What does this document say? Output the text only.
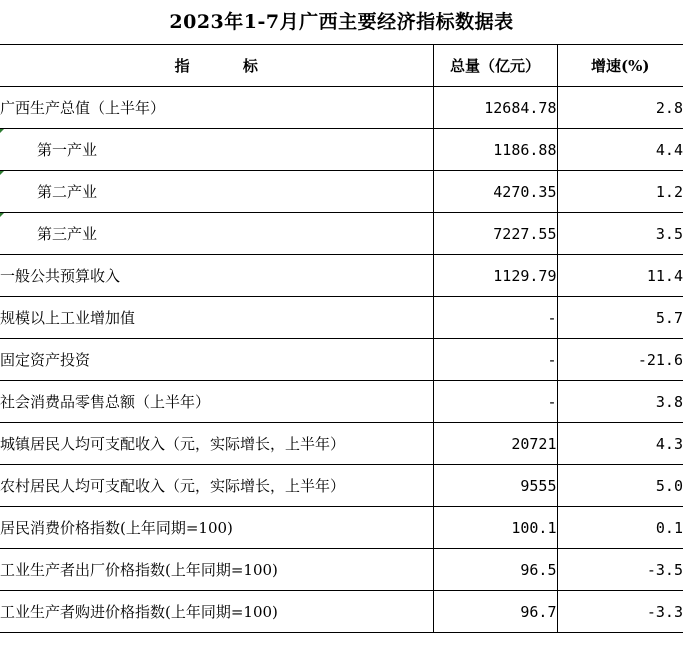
2023年1-7月广西主要经济指标数据表
指 标	总量（亿元）	增速(%)
广西生产总值（上半年）	12684.78	2.8
第一产业	1186.88	4.4
第二产业	4270.35	1.2
第三产业	7227.55	3.5
一般公共预算收入	1129.79	11.4
规模以上工业增加值	-	5.7
固定资产投资	-	-21.6
社会消费品零售总额（上半年）	-	3.8
城镇居民人均可支配收入（元，实际增长，上半年）	20721	4.3
农村居民人均可支配收入（元，实际增长，上半年）	9555	5.0
居民消费价格指数(上年同期=100)	100.1	0.1
工业生产者出厂价格指数(上年同期=100)	96.5	-3.5
工业生产者购进价格指数(上年同期=100)	96.7	-3.3
